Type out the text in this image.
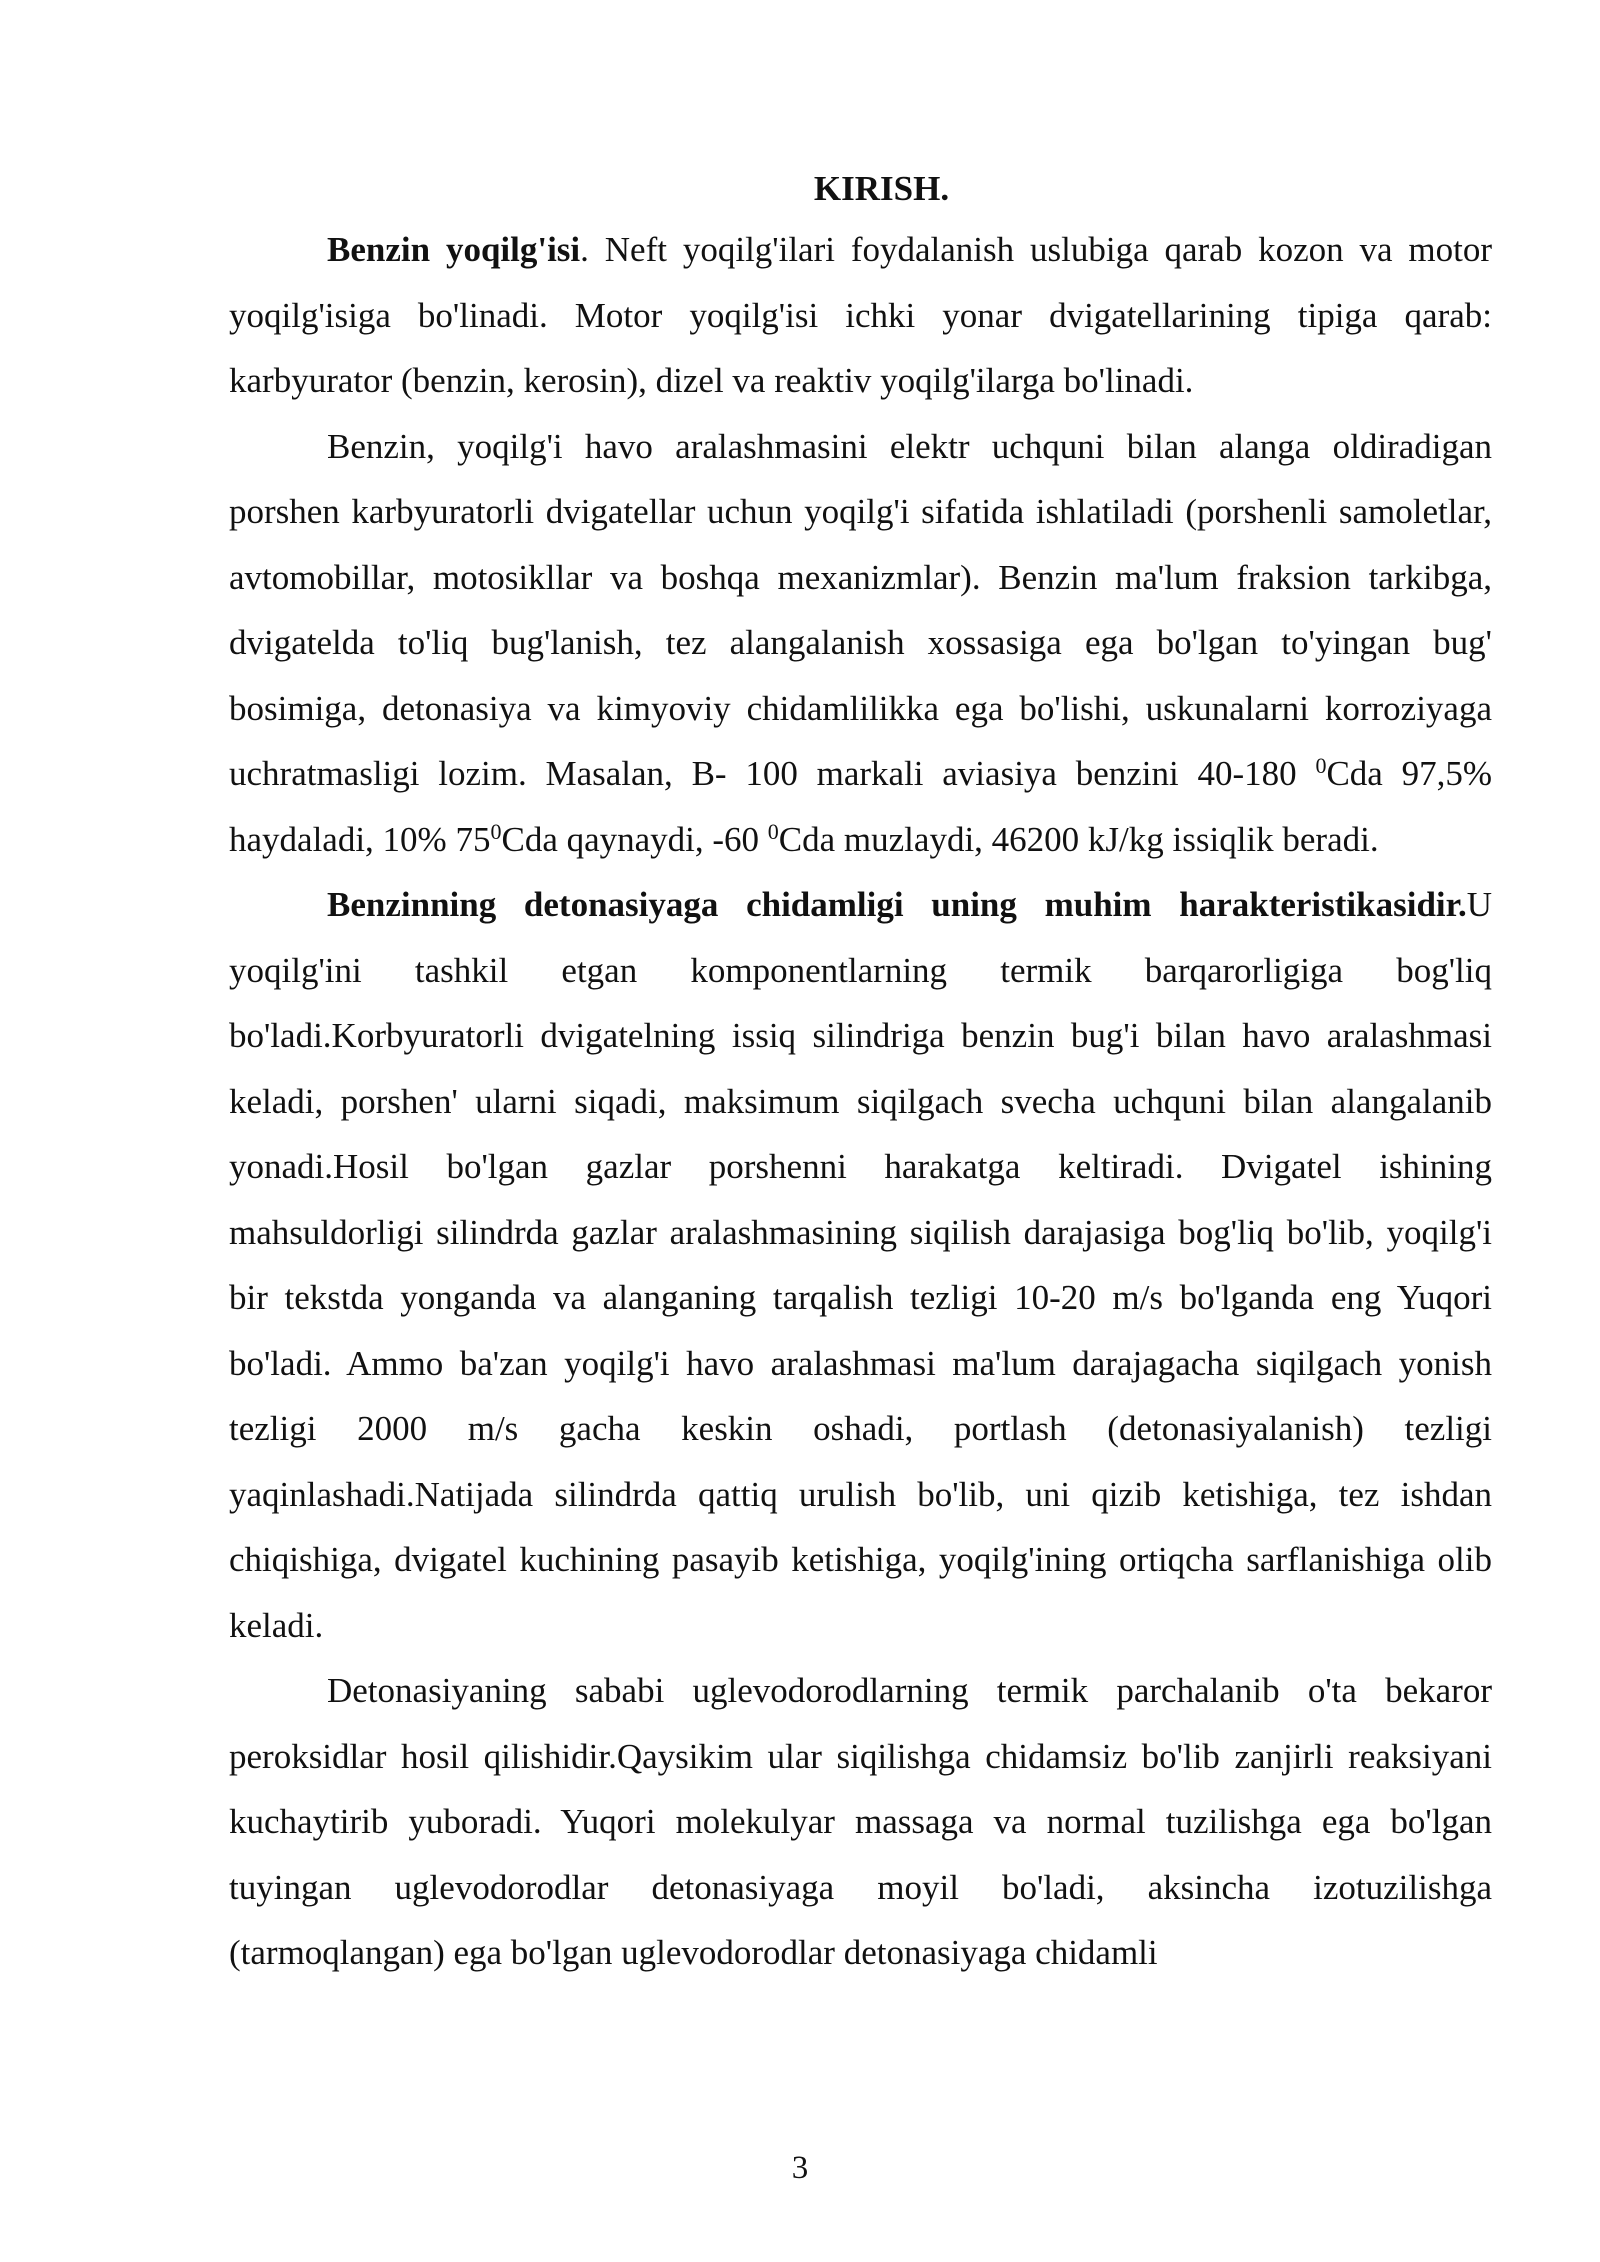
KIRISH.

Benzin yoqilg'isi. Neft yoqilg'ilari foydalanish uslubiga qarab kozon va motor yoqilg'isiga bo'linadi. Motor yoqilg'isi ichki yonar dvigatellarining tipiga qarab: karbyurator (benzin, kerosin), dizel va reaktiv yoqilg'ilarga bo'linadi.

Benzin, yoqilg'i havo aralashmasini elektr uchquni bilan alanga oldiradigan porshen karbyuratorli dvigatellar uchun yoqilg'i sifatida ishlatiladi (porshenli samoletlar, avtomobillar, motosikllar va boshqa mexanizmlar). Benzin ma'lum fraksion tarkibga, dvigatelda to'liq bug'lanish, tez alangalanish xossasiga ega bo'lgan to'yingan bug' bosimiga, detonasiya va kimyoviy chidamlilikka ega bo'lishi, uskunalarni korroziyaga uchratmasligi lozim. Masalan, B- 100 markali aviasiya benzini 40-180 $^0$Cda 97,5% haydaladi, 10% $75^0Cda$ qaynaydi, -60 $^0$Cda muzlaydi, 46200 kJ/kg issiqlik beradi.

Benzinning detonasiyaga chidamligi uning muhim harakteristikasidir.U yoqilg'ini tashkil etgan komponentlarning termik barqarorligiga bog'liq bo'ladi.Korbyuratorli dvigatelning issiq silindriga benzin bug'i bilan havo aralashmasi keladi, porshen' ularni siqadi, maksimum siqilgach svecha uchquni bilan alangalanib yonadi.Hosil bo'lgan gazlar porshenni harakatga keltiradi. Dvigatel ishining mahsuldorligi silindrda gazlar aralashmasining siqilish darajasiga bog'liq bo'lib, yoqilg'i bir tekstda yonganda va alanganing tarqalish tezligi 10-20 m/s bo'lganda eng Yuqori bo'ladi. Ammo ba'zan yoqilg'i havo aralashmasi ma'lum darajagacha siqilgach yonish tezligi 2000 m/s gacha keskin oshadi, portlash (detonasiyalanish) tezligi yaqinlashadi.Natijada silindrda qattiq urulish bo'lib, uni qizib ketishiga, tez ishdan chiqishiga, dvigatel kuchining pasayib ketishiga, yoqilg'ining ortiqcha sarflanishiga olib keladi.

Detonasiyaning sababi uglevodorodlarning termik parchalanib o'ta bekaror peroksidlar hosil qilishidir.Qaysikim ular siqilishga chidamsiz bo'lib zanjirli reaksiyani kuchaytirib yuboradi. Yuqori molekulyar massaga va normal tuzilishga ega bo'lgan tuyingan uglevodorodlar detonasiyaga moyil bo'ladi, aksincha izotuzilishga (tarmoqlangan) ega bo'lgan uglevodorodlar detonasiyaga chidamli

3
